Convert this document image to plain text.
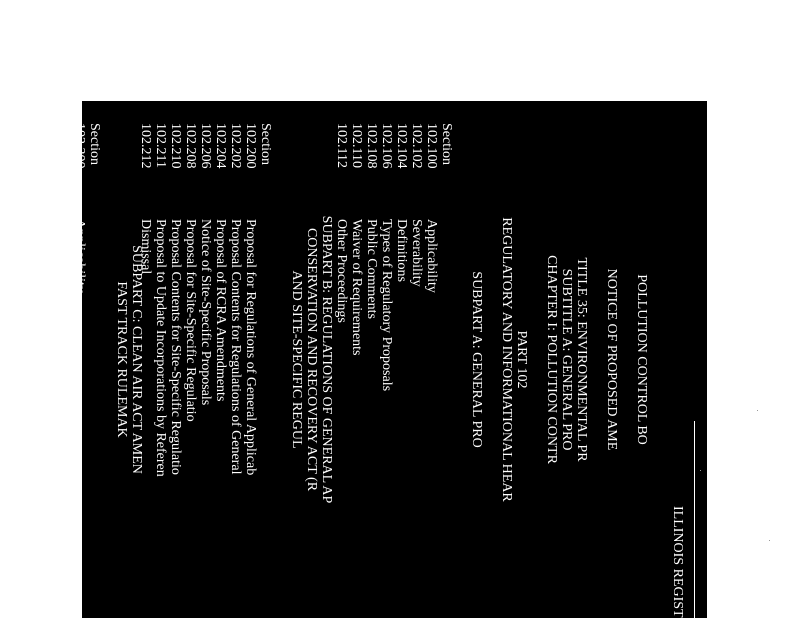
ILLINOIS REGISTER
POLLUTION CONTROL BO
NOTICE OF PROPOSED AME
TITLE 35: ENVIRONMENTAL PR
SUBTITLE A: GENERAL PRO
CHAPTER I: POLLUTION CONTR
PART 102
REGULATORY AND INFORMATIONAL HEAR
SUBPART A: GENERAL PRO
Section
102.100Applicability
102.102Severability
102.104Definitions
102.106Types of Regulatory Proposals
102.108Public Comments
102.110Waiver of Requirements
102.112Other Proceedings
SUBPART B: REGULATIONS OF GENERAL AP
CONSERVATION AND RECOVERY ACT (R
AND SITE-SPECIFIC REGUL
Section
102.200Proposal for Regulations of General Applicab
102.202Proposal Contents for Regulations of General
102.204Proposal of RCRA Amendments
102.206Notice of Site-Specific Proposals
102.208Proposal for Site-Specific Regulatio
102.210Proposal Contents for Site-Specific Regulatio
102.211Proposal to Update Incorporations by Referen
102.212Dismissal
SUBPART C: CLEAN AIR ACT AMEN
FAST TRACK RULEMAK
Section
102.300Applicability
102.302Agency Proposal
102.304Hearings
102.306Prefiled Testimony
